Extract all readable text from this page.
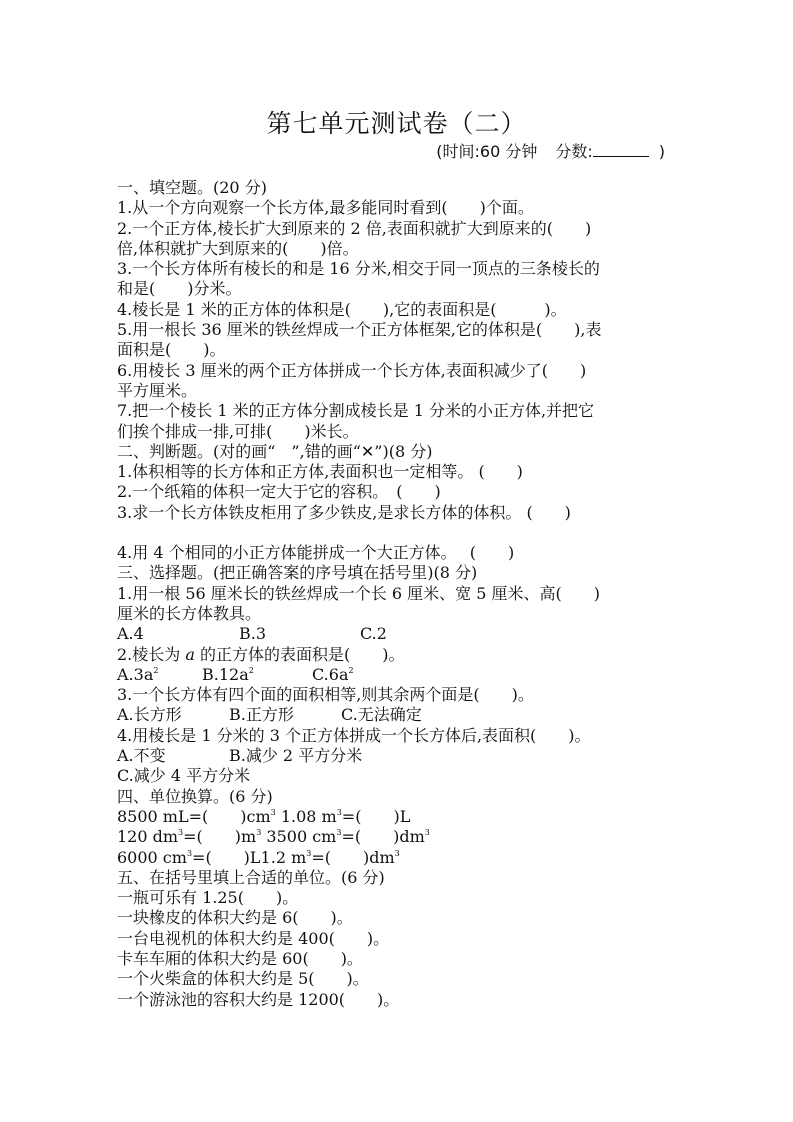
第七单元测试卷（二）
(时间:60 分钟 分数:	)
一、填空题。(20 分)
1.从一个方向观察一个长方体,最多能同时看到(　　)个面。
2.一个正方体,棱长扩大到原来的 2 倍,表面积就扩大到原来的(　　)
倍,体积就扩大到原来的(　　)倍。
3.一个长方体所有棱长的和是 16 分米,相交于同一顶点的三条棱长的
和是(　　)分米。
4.棱长是 1 米的正方体的体积是(　　),它的表面积是(　　　)。
5.用一根长 36 厘米的铁丝焊成一个正方体框架,它的体积是(　　),表
面积是(　　)。
6.用棱长 3 厘米的两个正方体拼成一个长方体,表面积减少了(　　)
平方厘米。
7.把一个棱长 1 米的正方体分割成棱长是 1 分米的小正方体,并把它
们挨个排成一排,可排(　　)米长。
二、判断题。(对的画“　”,错的画“✕”)(8 分)
1.体积相等的长方体和正方体,表面积也一定相等。 (　　)
2.一个纸箱的体积一定大于它的容积。　(　　)
3.求一个长方体铁皮柜用了多少铁皮,是求长方体的体积。 (　　)
4.用 4 个相同的小正方体能拼成一个大正方体。　 (　　)
三、选择题。(把正确答案的序号填在括号里)(8 分)
1.用一根 56 厘米长的铁丝焊成一个长 6 厘米、宽 5 厘米、高(　　)
厘米的长方体教具。
A.4	B.3	C.2
2.棱长为 a 的正方体的表面积是(　　)。
$A.3a^2$	$B.12a^2$	$C.6a^2$
3.一个长方体有四个面的面积相等,则其余两个面是(　　)。
A.长方形	B.正方形	C.无法确定
4.用棱长是 1 分米的 3 个正方体拼成一个长方体后,表面积(　　)。
A.不变	B.减少 2 平方分米
C.减少 4 平方分米
四、单位换算。(6 分)
8500 mL=(　　)$cm^3$ 1.08 $m^3=$(　　)L
120 $dm^3=$(　　)$m^3$ 3500 $cm^3=$(　　)$dm^3$
6000 $cm^3=$(　　)L1.2 $m^3=$(　　)$dm^3$
五、在括号里填上合适的单位。(6 分)
一瓶可乐有 1.25(　　)。
一块橡皮的体积大约是 6(　　)。
一台电视机的体积大约是 400(　　)。
卡车车厢的体积大约是 60(　　)。
一个火柴盒的体积大约是 5(　　)。
一个游泳池的容积大约是 1200(　　)。
